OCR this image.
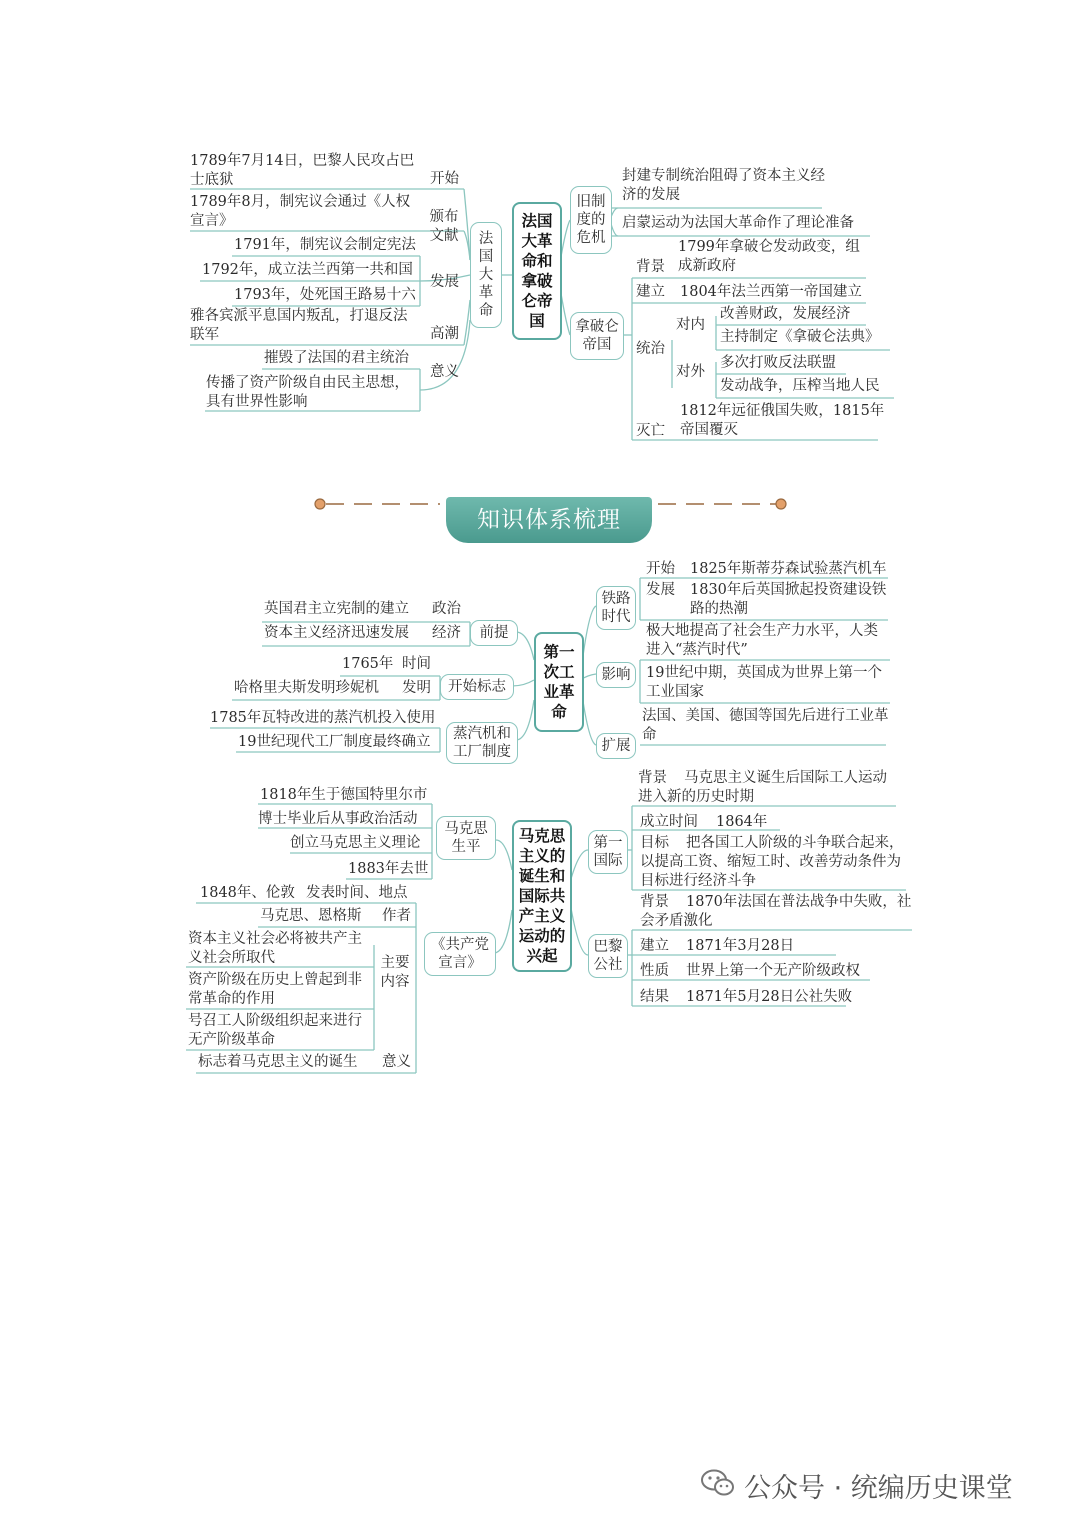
法国大革命和拿破仑帝国
法国大革命
1789年7月14日，巴黎人民攻占巴士底狱
1789年8月，制宪议会通过《人权宣言》
1791年，制宪议会制定宪法
1792年，成立法兰西第一共和国
1793年，处死国王路易十六
雅各宾派平息国内叛乱，打退反法联军
摧毁了法国的君主统治
传播了资产阶级自由民主思想，具有世界性影响
开始
颁布文献
发展
高潮
意义
旧制度的危机
封建专制统治阻碍了资本主义经济的发展
启蒙运动为法国大革命作了理论准备
拿破仑帝国
背景
1799年拿破仑发动政变，组成新政府
建立 1804年法兰西第一帝国建立
统治
对内
改善财政，发展经济
主持制定《拿破仑法典》
对外
多次打败反法联盟
发动战争，压榨当地人民
灭亡
1812年远征俄国失败，1815年帝国覆灭
知识体系梳理
第一次工业革命
前提
英国君主立宪制的建立 政治
资本主义经济迅速发展 经济
开始标志
1765年 时间
哈格里夫斯发明珍妮机 发明
蒸汽机和工厂制度
1785年瓦特改进的蒸汽机投入使用
19世纪现代工厂制度最终确立
铁路时代
开始 1825年斯蒂芬森试验蒸汽机车
发展 1830年后英国掀起投资建设铁路的热潮
影响
极大地提高了社会生产力水平，人类进入“蒸汽时代”
19世纪中期，英国成为世界上第一个工业国家
扩展
法国、美国、德国等国先后进行工业革命
马克思主义的诞生和国际共产主义运动的兴起
马克思生平
1818年生于德国特里尔市
博士毕业后从事政治活动
创立马克思主义理论
1883年去世
《共产党宣言》
1848年、伦敦 发表时间、地点
马克思、恩格斯 作者
主要内容
资本主义社会必将被共产主义社会所取代
资产阶级在历史上曾起到非常革命的作用
号召工人阶级组织起来进行无产阶级革命
标志着马克思主义的诞生 意义
第一国际
背景	马克思主义诞生后国际工人运动进入新的历史时期
成立时间 1864年
目标	把各国工人阶级的斗争联合起来，以提高工资、缩短工时、改善劳动条件为目标进行经济斗争
巴黎公社
背景	1870年法国在普法战争中失败，社会矛盾激化
建立 1871年3月28日
性质 世界上第一个无产阶级政权
结果 1871年5月28日公社失败
公众号 · 统编历史课堂
